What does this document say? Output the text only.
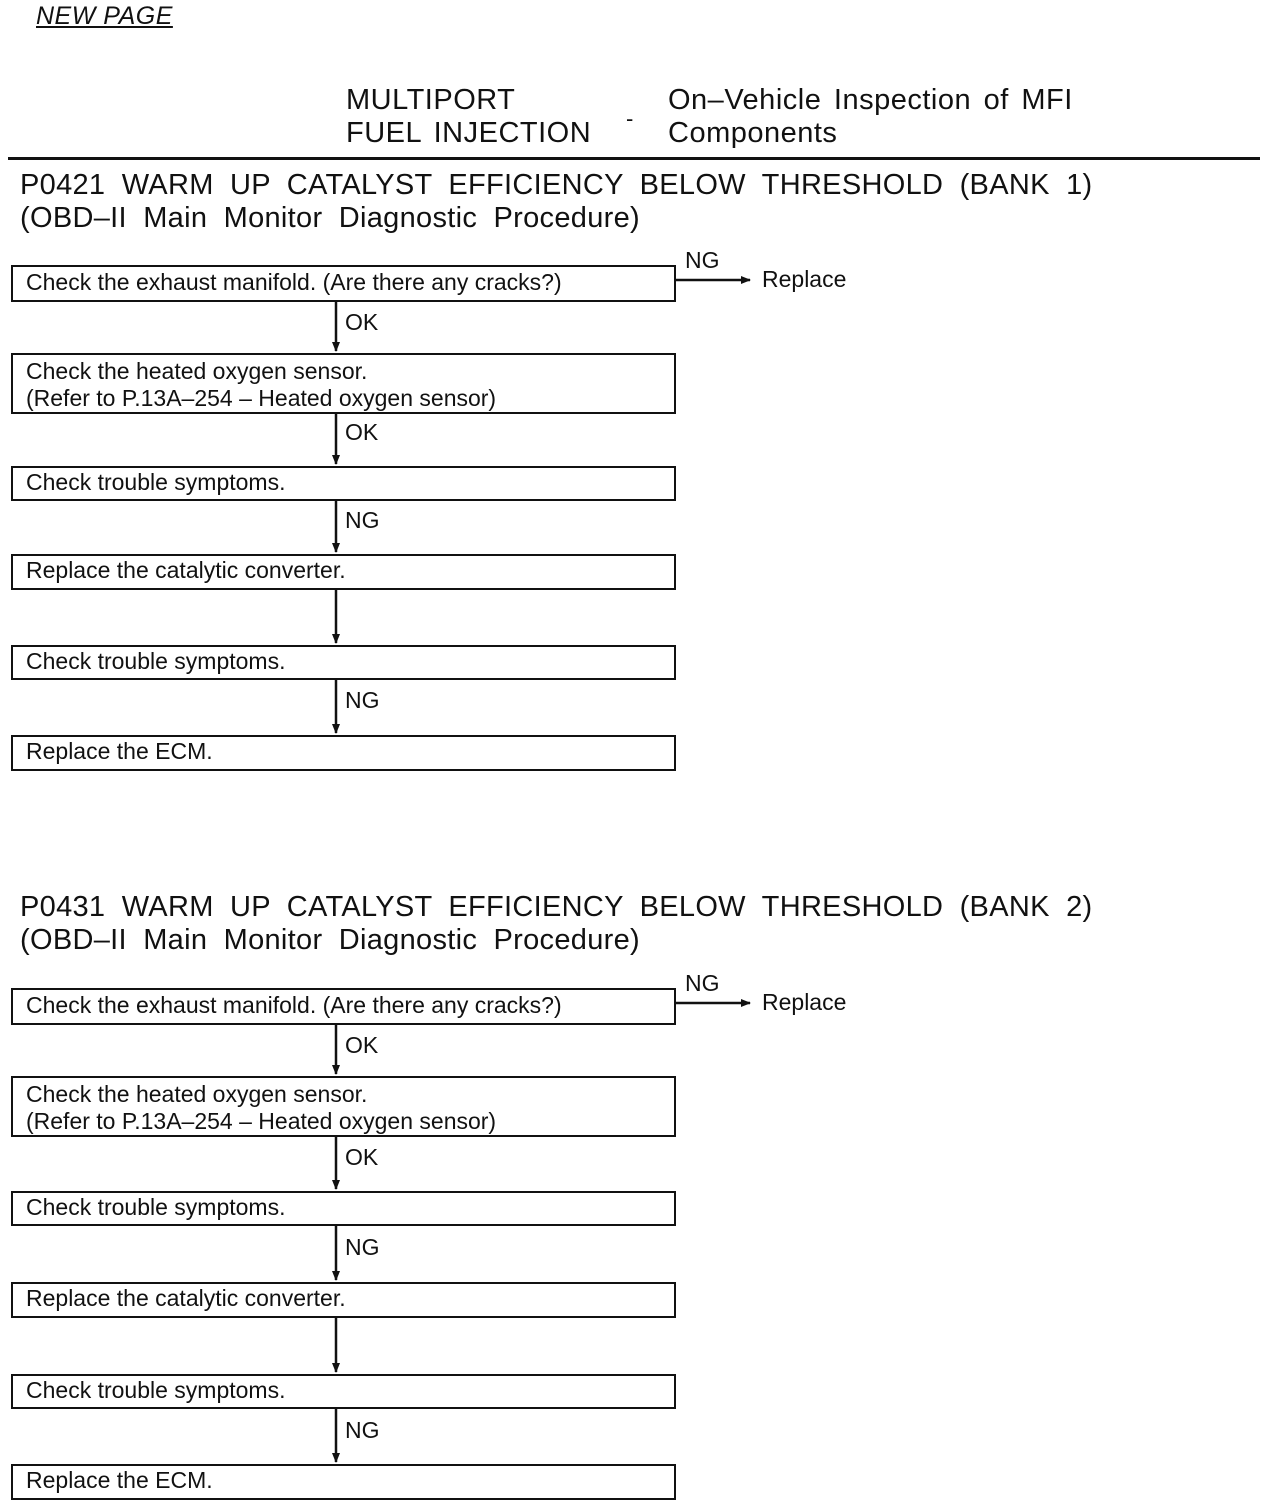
NEW PAGE
MULTIPORT
FUEL INJECTION -
On–Vehicle Inspection of MFI
Components
P0421 WARM UP CATALYST EFFICIENCY BELOW THRESHOLD (BANK 1)
(OBD–II Main Monitor Diagnostic Procedure)
Check the exhaust manifold. (Are there any cracks?)
Check the heated oxygen sensor.
(Refer to P.13A–254 – Heated oxygen sensor)
Check trouble symptoms.
Replace the catalytic converter.
Check trouble symptoms.
Replace the ECM.
OK
OK
NG
NG
NG
Replace
P0431 WARM UP CATALYST EFFICIENCY BELOW THRESHOLD (BANK 2)
(OBD–II Main Monitor Diagnostic Procedure)
Check the exhaust manifold. (Are there any cracks?)
Check the heated oxygen sensor.
(Refer to P.13A–254 – Heated oxygen sensor)
Check trouble symptoms.
Replace the catalytic converter.
Check trouble symptoms.
Replace the ECM.
OK
OK
NG
NG
NG
Replace
